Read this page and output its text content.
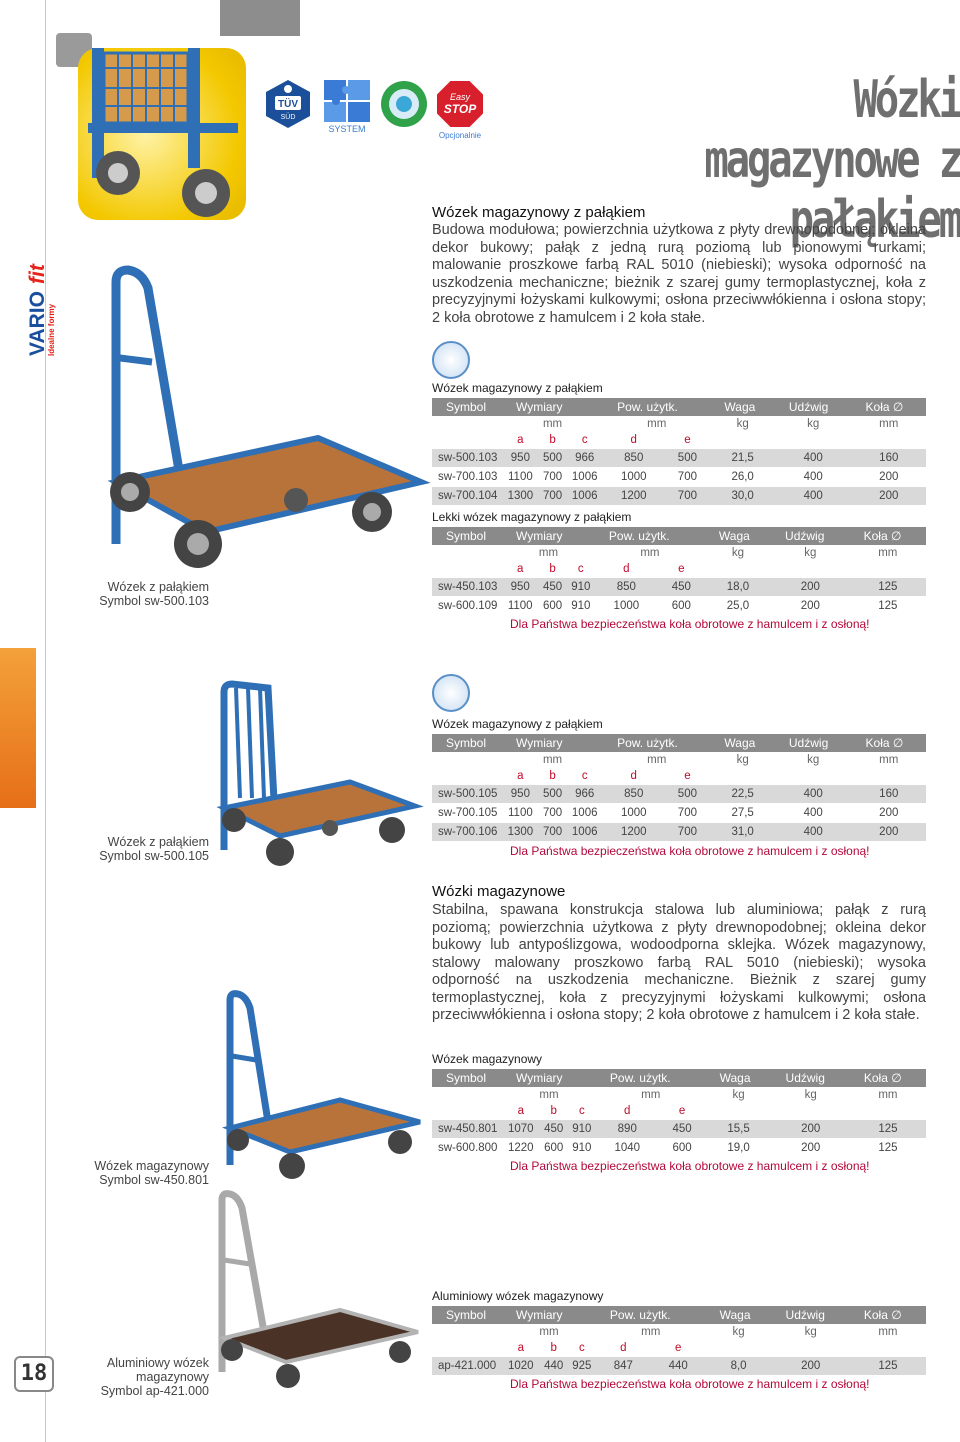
VARIO
fit
Idealne formy
18
TÜV
SÜD
SYSTEM
Easy
STOP
Opcjonalnie
Wózki magazynowe z
pałąkiem
Wózek magazynowy z pałąkiem
Budowa modułowa; powierzchnia użytkowa z płyty drewnopodobnej; okleina dekor bukowy; pałąk z jedną rurą poziomą lub pionowymi rurkami; malowanie proszkowe farbą RAL 5010 (niebieski); wysoka odporność na uszkodzenia mechaniczne; bieżnik z szarej gumy termoplastycznej, koła z precyzyjnymi łożyskami kulkowymi; osłona przeciwwłókienna i osłona stopy; 2 koła obrotowe z hamulcem i 2 koła stałe.
Wózek z pałąkiem
Symbol sw-500.103
Wózek magazynowy z pałąkiem
Symbol	Wymiary			Pow. użytk.		Waga	Udźwig	Koła ∅
	mm			mm		kg	kg	mm
	a	b	c	d	e			
sw-500.103	950	500	966	850	500	21,5	400	160
sw-700.103	1100	700	1006	1000	700	26,0	400	200
sw-700.104	1300	700	1006	1200	700	30,0	400	200
Lekki wózek magazynowy z pałąkiem
Symbol	Wymiary			Pow. użytk.		Waga	Udźwig	Koła ∅
	mm			mm		kg	kg	mm
	a	b	c	d	e			
sw-450.103	950	450	910	850	450	18,0	200	125
sw-600.109	1100	600	910	1000	600	25,0	200	125
Dla Państwa bezpieczeństwa koła obrotowe z hamulcem i z osłoną!
Wózek z pałąkiem
Symbol sw-500.105
Wózek magazynowy z pałąkiem
Symbol	Wymiary			Pow. użytk.		Waga	Udźwig	Koła ∅
	mm			mm		kg	kg	mm
	a	b	c	d	e			
sw-500.105	950	500	966	850	500	22,5	400	160
sw-700.105	1100	700	1006	1000	700	27,5	400	200
sw-700.106	1300	700	1006	1200	700	31,0	400	200
Dla Państwa bezpieczeństwa koła obrotowe z hamulcem i z osłoną!
Wózki magazynowe
Stabilna, spawana konstrukcja stalowa lub aluminiowa; pałąk z rurą poziomą; powierzchnia użytkowa z płyty drewnopodobnej; okleina dekor bukowy lub antypoślizgowa, wodoodporna sklejka. Wózek magazynowy, stalowy malowany proszkowo farbą RAL 5010 (niebieski); wysoka odporność na uszkodzenia mechaniczne. Bieżnik z szarej gumy termoplastycznej, koła z precyzyjnymi łożyskami kulkowymi; osłona przeciwwłókienna i osłona stopy; 2 koła obrotowe z hamulcem i 2 koła stałe.
Wózek magazynowy
Symbol sw-450.801
Wózek magazynowy
Symbol	Wymiary			Pow. użytk.		Waga	Udźwig	Koła ∅
	mm			mm		kg	kg	mm
	a	b	c	d	e			
sw-450.801	1070	450	910	890	450	15,5	200	125
sw-600.800	1220	600	910	1040	600	19,0	200	125
Dla Państwa bezpieczeństwa koła obrotowe z hamulcem i z osłoną!
Aluminiowy wózek
magazynowy
Symbol ap-421.000
Aluminiowy wózek magazynowy
Symbol	Wymiary			Pow. użytk.		Waga	Udźwig	Koła ∅
	mm			mm		kg	kg	mm
	a	b	c	d	e			
ap-421.000	1020	440	925	847	440	8,0	200	125
Dla Państwa bezpieczeństwa koła obrotowe z hamulcem i z osłoną!
